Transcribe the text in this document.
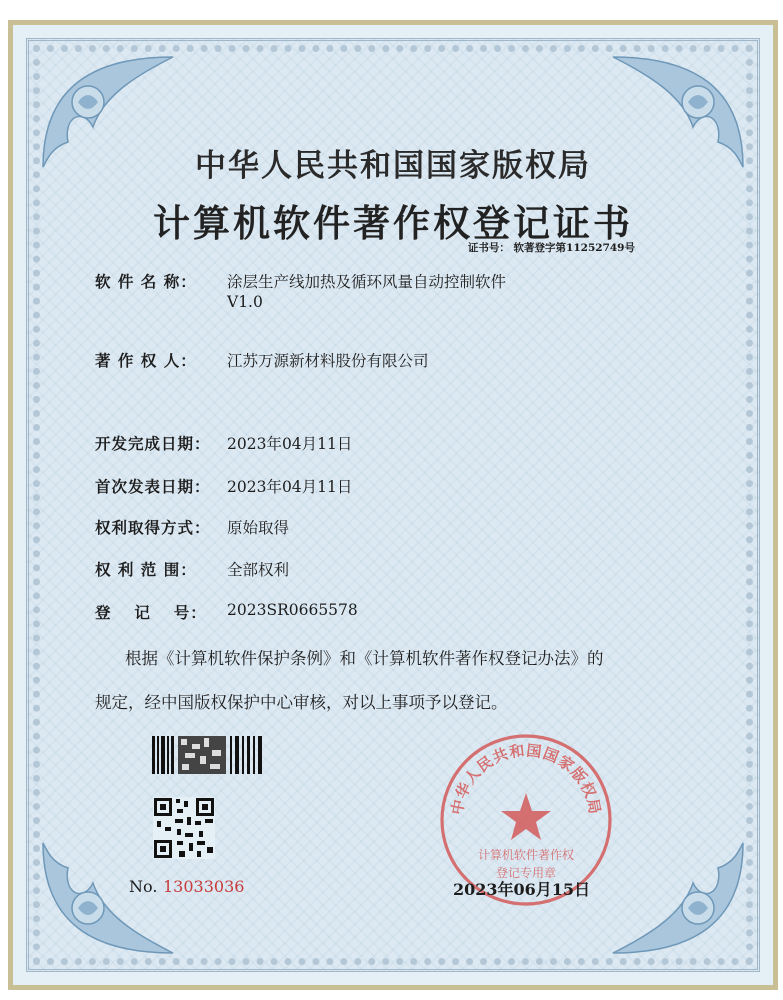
中华人民共和国国家版权局
计算机软件著作权登记证书
证书号： 软著登字第11252749号
软 件 名 称： 涂层生产线加热及循环风量自动控制软件
V1.0
著 作 权 人： 江苏万源新材料股份有限公司
开发完成日期： 2023年04月11日
首次发表日期： 2023年04月11日
权利取得方式： 原始取得
权 利 范 围： 全部权利
登　 记　 号： 2023SR0665578
根据《计算机软件保护条例》和《计算机软件著作权登记办法》的
规定，经中国版权保护中心审核，对以上事项予以登记。
中华人民共和国国家版权局
计算机软件著作权
登记专用章
No. 13033036	2023年06月15日
